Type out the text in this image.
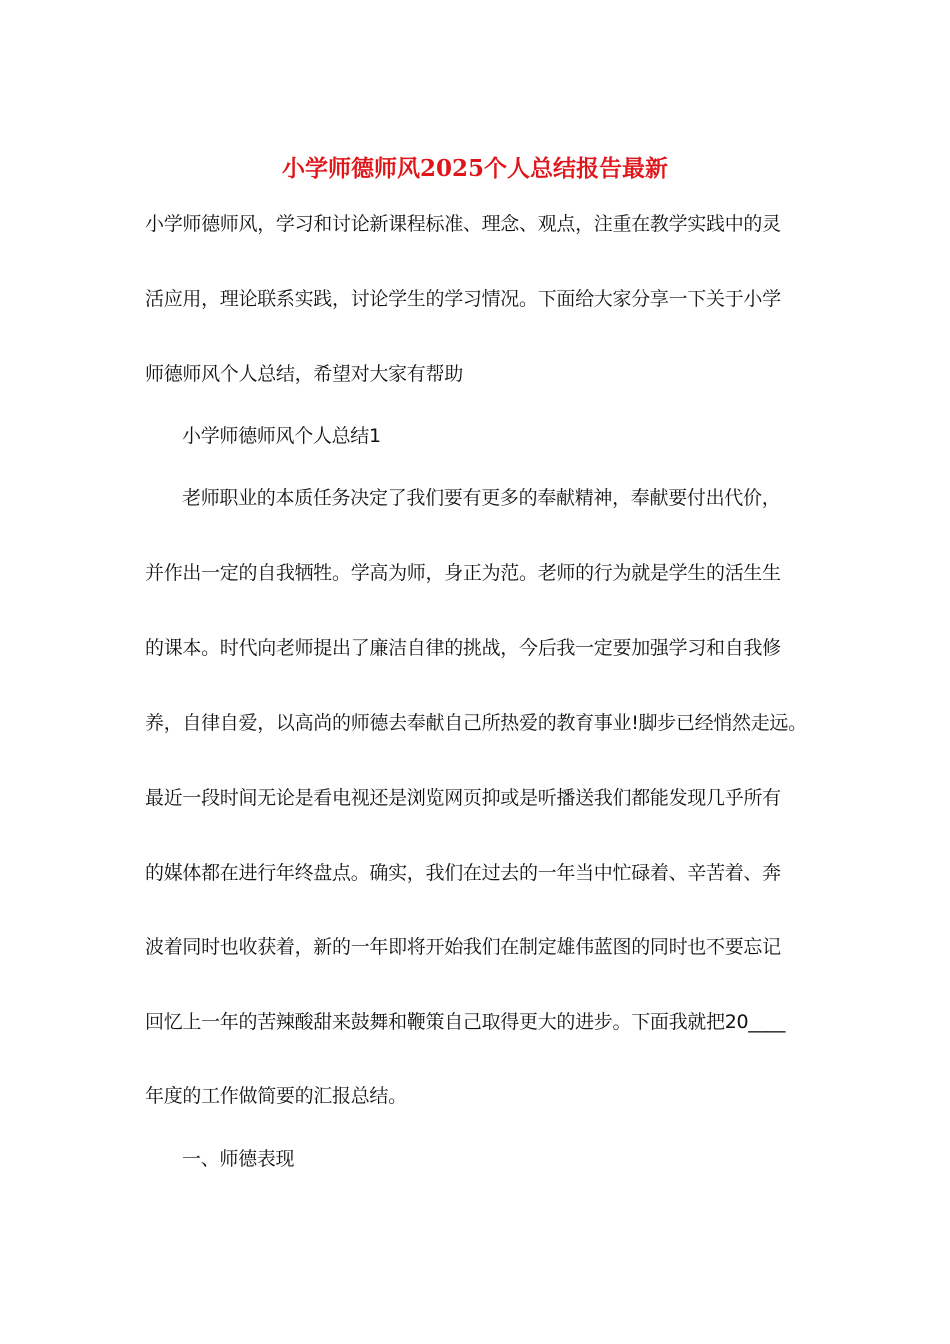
小学师德师风2025个人总结报告最新
小学师德师风，学习和讨论新课程标准、理念、观点，注重在教学实践中的灵
活应用，理论联系实践，讨论学生的学习情况。下面给大家分享一下关于小学
师德师风个人总结，希望对大家有帮助
小学师德师风个人总结1
老师职业的本质任务决定了我们要有更多的奉献精神，奉献要付出代价，
并作出一定的自我牺牲。学高为师，身正为范。老师的行为就是学生的活生生
的课本。时代向老师提出了廉洁自律的挑战，今后我一定要加强学习和自我修
养，自律自爱，以高尚的师德去奉献自己所热爱的教育事业!脚步已经悄然走远。
最近一段时间无论是看电视还是浏览网页抑或是听播送我们都能发现几乎所有
的媒体都在进行年终盘点。确实，我们在过去的一年当中忙碌着、辛苦着、奔
波着同时也收获着，新的一年即将开始我们在制定雄伟蓝图的同时也不要忘记
回忆上一年的苦辣酸甜来鼓舞和鞭策自己取得更大的进步。下面我就把20____
年度的工作做简要的汇报总结。
一、师德表现
